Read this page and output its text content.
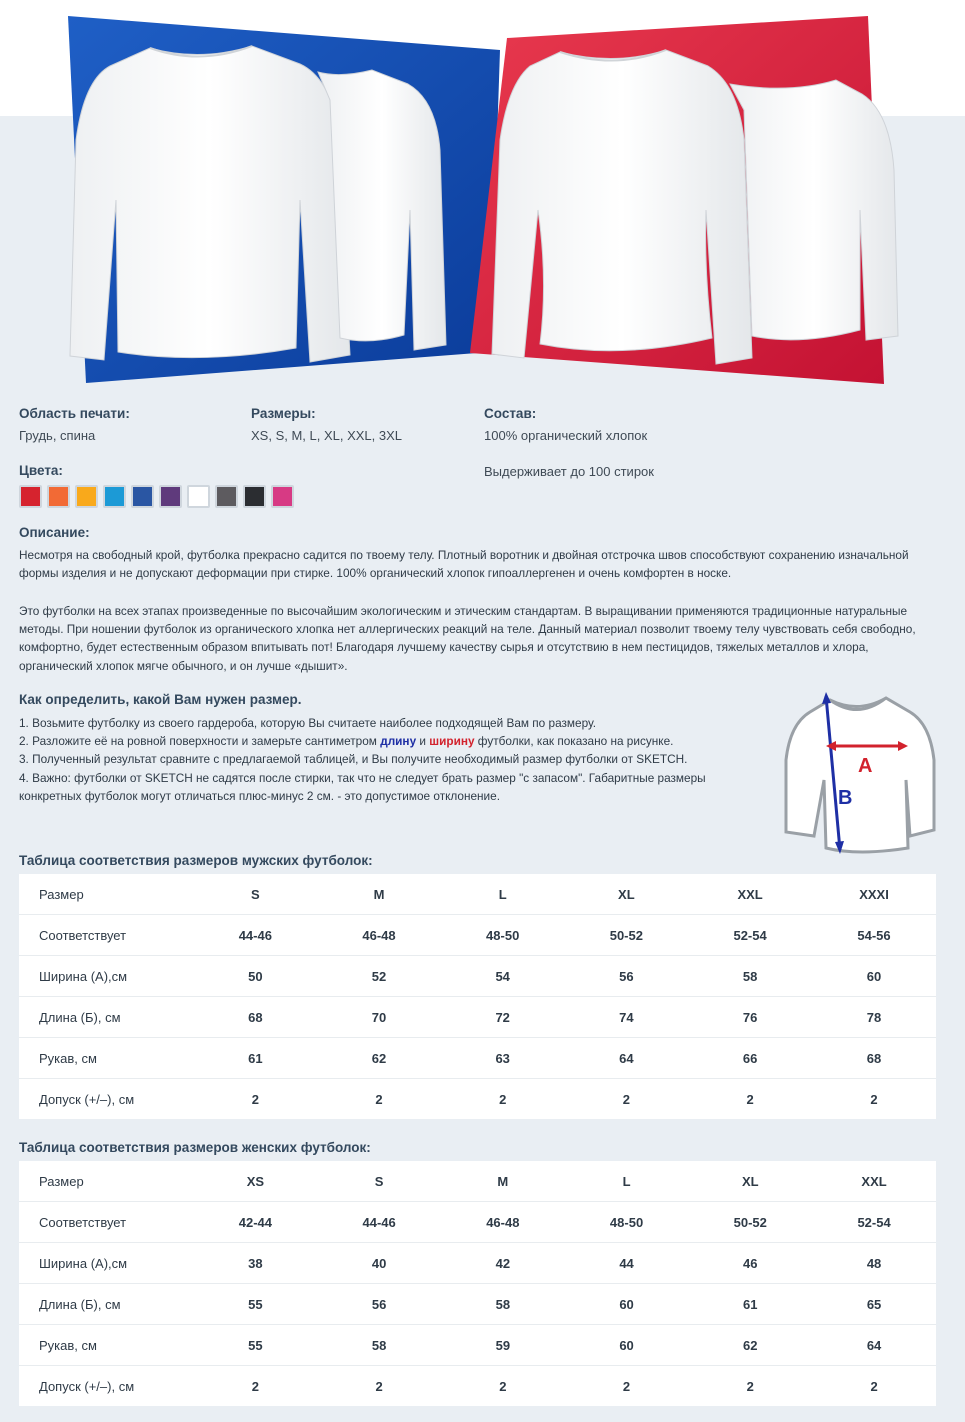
Область печати:
Грудь, спина
Размеры:
XS, S, M, L, XL, XXL, 3XL
Состав:
100% органический хлопок
Цвета:	Выдерживает до 100 стирок
Описание:

Несмотря на свободный крой, футболка прекрасно садится по твоему телу. Плотный воротник и двойная отстрочка швов способствуют сохранению изначальной формы изделия и не допускают деформации при стирке. 100% органический хлопок гипоаллергенен и очень комфортен в носке.

Это футболки на всех этапах произведенные по высочайшим экологическим и этическим стандартам. В выращивании применяются традиционные натуральные методы. При ношении футболок из органического хлопка нет аллергических реакций на теле. Данный материал позволит твоему телу чувствовать себя свободно, комфортно, будет естественным образом впитывать пот! Благодаря лучшему качеству сырья и отсутствию в нем пестицидов, тяжелых металлов и хлора, органический хлопок мягче обычного, и он лучше «дышит».

Как определить, какой Вам нужен размер.
1. Возьмите футболку из своего гардероба, которую Вы считаете наиболее подходящей Вам по размеру.
2. Разложите её на ровной поверхности и замерьте сантиметром длину и ширину футболки, как показано на рисунке.
3. Полученный результат сравните с предлагаемой таблицей, и Вы получите необходимый размер футболки от SKETCH.
4. Важно: футболки от SKETCH не садятся после стирки, так что не следует брать размер "с запасом". Габаритные размеры конкретных футболок могут отличаться плюс-минус 2 см. - это допустимое отклонение.
A
B
Таблица соответствия размеров мужских футболок:
Размер	S	M	L	XL	XXL	XXXI
Соответствует	44-46	46-48	48-50	50-52	52-54	54-56
Ширина (А),см	50	52	54	56	58	60
Длина (Б), см	68	70	72	74	76	78
Рукав, см	61	62	63	64	66	68
Допуск (+/–), см	2	2	2	2	2	2
Таблица соответствия размеров женских футболок:
Размер	XS	S	M	L	XL	XXL
Соответствует	42-44	44-46	46-48	48-50	50-52	52-54
Ширина (А),см	38	40	42	44	46	48
Длина (Б), см	55	56	58	60	61	65
Рукав, см	55	58	59	60	62	64
Допуск (+/–), см	2	2	2	2	2	2
